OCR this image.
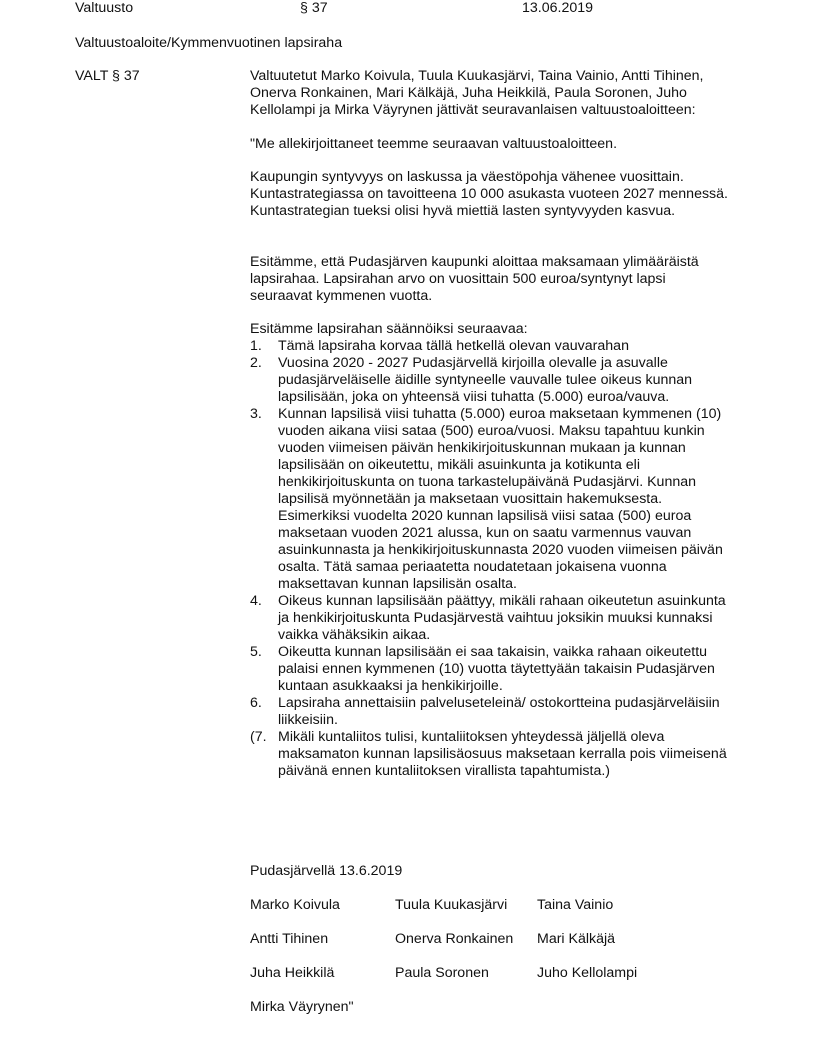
Valtuusto	§ 37	13.06.2019
Valtuustoaloite/Kymmenvuotinen lapsiraha
VALT § 37	Valtuutetut Marko Koivula, Tuula Kuukasjärvi, Taina Vainio, Antti Tihinen, Onerva Ronkainen, Mari Kälkäjä, Juha Heikkilä, Paula Soronen, Juho Kellolampi ja Mirka Väyrynen jättivät seuravanlaisen valtuustoaloitteen:

"Me allekirjoittaneet teemme seuraavan valtuustoaloitteen.

Kaupungin syntyvyys on laskussa ja väestöpohja vähenee vuosittain. Kuntastrategiassa on tavoitteena 10 000 asukasta vuoteen 2027 mennessä. Kuntastrategian tueksi olisi hyvä miettiä lasten syntyvyyden kasvua.

Esitämme, että Pudasjärven kaupunki aloittaa maksamaan ylimääräistä lapsirahaa. Lapsirahan arvo on vuosittain 500 euroa/syntynyt lapsi seuraavat kymmenen vuotta.

Esitämme lapsirahan säännöiksi seuraavaa:

1.	Tämä lapsiraha korvaa tällä hetkellä olevan vauvarahan
2.	Vuosina 2020 - 2027 Pudasjärvellä kirjoilla olevalle ja asuvalle pudasjärveläiselle äidille syntyneelle vauvalle tulee oikeus kunnan lapsilisään, joka on yhteensä viisi tuhatta (5.000) euroa/vauva.
3.	Kunnan lapsilisä viisi tuhatta (5.000) euroa maksetaan kymmenen (10) vuoden aikana viisi sataa (500) euroa/vuosi. Maksu tapahtuu kunkin vuoden viimeisen päivän henkikirjoituskunnan mukaan ja kunnan lapsilisään on oikeutettu, mikäli asuinkunta ja kotikunta eli henkikirjoituskunta on tuona tarkastelupäivänä Pudasjärvi. Kunnan lapsilisä myönnetään ja maksetaan vuosittain hakemuksesta. Esimerkiksi vuodelta 2020 kunnan lapsilisä viisi sataa (500) euroa maksetaan vuoden 2021 alussa, kun on saatu varmennus vauvan asuinkunnasta ja henkikirjoituskunnasta 2020 vuoden viimeisen päivän osalta. Tätä samaa periaatetta noudatetaan jokaisena vuonna maksettavan kunnan lapsilisän osalta.
4.	Oikeus kunnan lapsilisään päättyy, mikäli rahaan oikeutetun asuinkunta ja henkikirjoituskunta Pudasjärvestä vaihtuu joksikin muuksi kunnaksi vaikka vähäksikin aikaa.
5.	Oikeutta kunnan lapsilisään ei saa takaisin, vaikka rahaan oikeutettu palaisi ennen kymmenen (10) vuotta täytettyään takaisin Pudasjärven kuntaan asukkaaksi ja henkikirjoille.
6.	Lapsiraha annettaisiin palveluseteleinä/ ostokortteina pudasjärveläisiin liikkeisiin.
(7. Mikäli kuntaliitos tulisi, kuntaliitoksen yhteydessä jäljellä oleva maksamaton kunnan lapsilisäosuus maksetaan kerralla pois viimeisenä päivänä ennen kuntaliitoksen virallista tapahtumista.)
Pudasjärvellä 13.6.2019
Marko Koivula	Tuula Kuukasjärvi	Taina Vainio
Antti Tihinen	Onerva Ronkainen	Mari Kälkäjä
Juha Heikkilä	Paula Soronen	Juho Kellolampi
Mirka Väyrynen"
